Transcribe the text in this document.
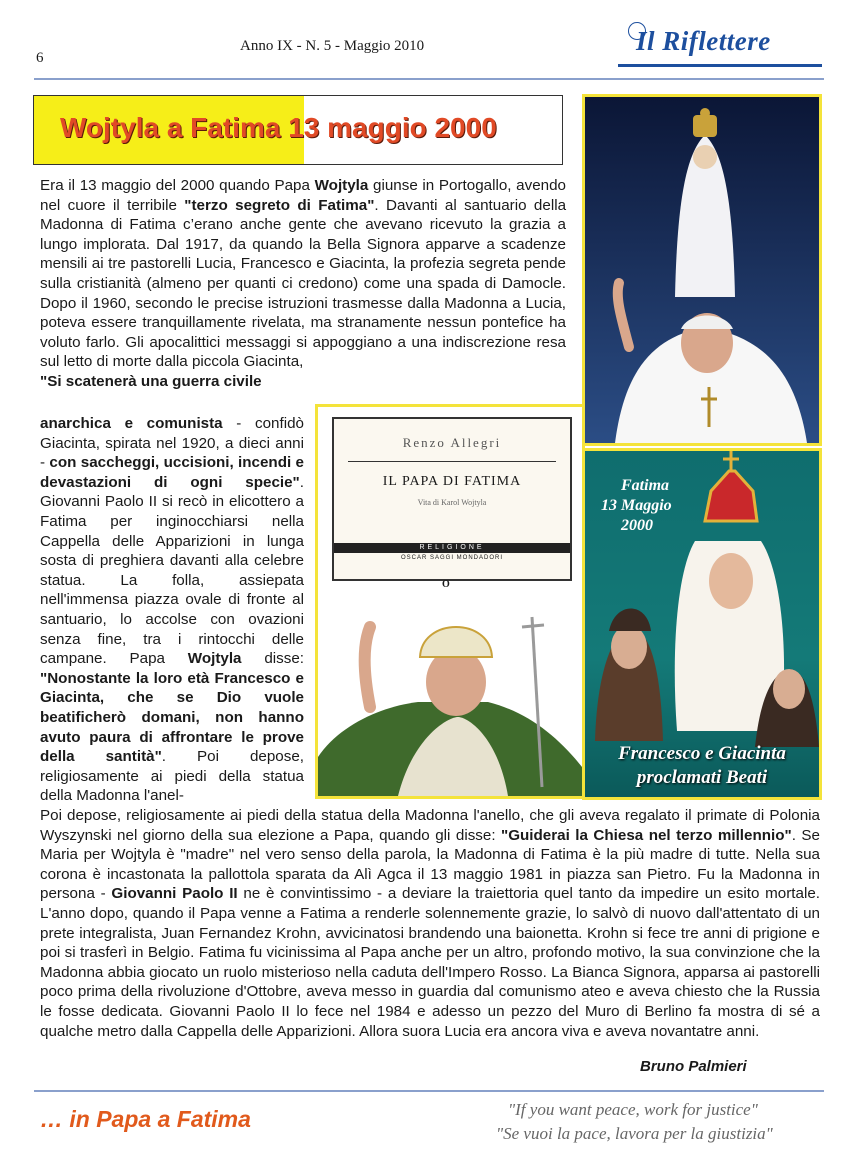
6
Anno IX - N. 5 - Maggio 2010	Il Riflettere
Wojtyla a Fatima 13 maggio 2000
Era il 13 maggio del 2000 quando Papa Wojtyla giunse in Portogallo, avendo nel cuore il terribile "terzo segreto di Fatima". Davanti al santuario della Madonna di Fatima c’erano anche gente che avevano ricevuto la grazia a lungo implorata. Dal 1917, da quando la Bella Signora apparve a scadenze mensili ai tre pastorelli Lucia, Francesco e Giacinta, la profezia segreta pende sulla cristianità (almeno per quanti ci credono) come una spada di Damocle. Dopo il 1960, secondo le precise istruzioni trasmesse dalla Madonna a Lucia, poteva essere tranquillamente rivelata, ma stranamente nessun pontefice ha voluto farlo. Gli apocalittici messaggi si appoggiano a una indiscrezione resa sul letto di morte dalla piccola Giacinta,
"Si scatenerà una guerra civile
anarchica e comunista - confidò Giacinta, spirata nel 1920, a dieci anni - con saccheggi, uccisioni, incendi e devastazioni di ogni specie". Giovanni Paolo II si recò in elicottero a Fatima per inginocchiarsi nella Cappella delle Apparizioni in lunga sosta di preghiera davanti alla celebre statua. La folla, assiepata nell'immensa piazza ovale di fronte al santuario, lo accolse con ovazioni senza fine, tra i rintocchi delle campane. Papa Wojtyla disse: "Nonostante la loro età Francesco e Giacinta, che se Dio vuole beatificherò domani, non hanno avuto paura di affrontare le prove della santità". Poi depose, religiosamente ai piedi della statua della Madonna l'anel-
Poi depose, religiosamente ai piedi della statua della Madonna l'anello, che gli aveva regalato il primate di Polonia Wyszynski nel giorno della sua elezione a Papa, quando gli disse: "Guiderai la Chiesa nel terzo millennio". Se Maria per Wojtyla è "madre" nel vero senso della parola, la Madonna di Fatima è la più madre di tutte. Nella sua corona è incastonata la pallottola sparata da Alì Agca il 13 maggio 1981 in piazza san Pietro. Fu la Madonna in persona - Giovanni Paolo II ne è convintissimo - a deviare la traiettoria quel tanto da impedire un esito mortale. L'anno dopo, quando il Papa venne a Fatima a renderle solennemente grazie, lo salvò di nuovo dall'attentato di un prete integralista, Juan Fernandez Krohn, avvicinatosi brandendo una baionetta. Krohn si fece tre anni di prigione e poi si trasferì in Belgio. Fatima fu vicinissima al Papa anche per un altro, profondo motivo, la sua convinzione che la Madonna abbia giocato un ruolo misterioso nella caduta dell'Impero Rosso. La Bianca Signora, apparsa ai pastorelli poco prima della rivoluzione d'Ottobre, aveva messo in guardia dal comunismo ateo e aveva chiesto che la Russia le fosse dedicata. Giovanni Paolo II lo fece nel 1984 e adesso un pezzo del Muro di Berlino fa mostra di sé a qualche metro dalla Cappella delle Apparizioni. Allora suora Lucia era ancora viva e aveva novantatre anni.
Renzo Allegri
IL PAPA DI FATIMA
Vita di Karol Wojtyla
RELIGIONE
OSCAR SAGGI MONDADORI
O
Fatima
13 Maggio
2000
Francesco e Giacinta
proclamati Beati
Bruno Palmieri
… in Papa a Fatima	"If you want peace, work for justice"
"Se vuoi la pace, lavora per la giustizia"
